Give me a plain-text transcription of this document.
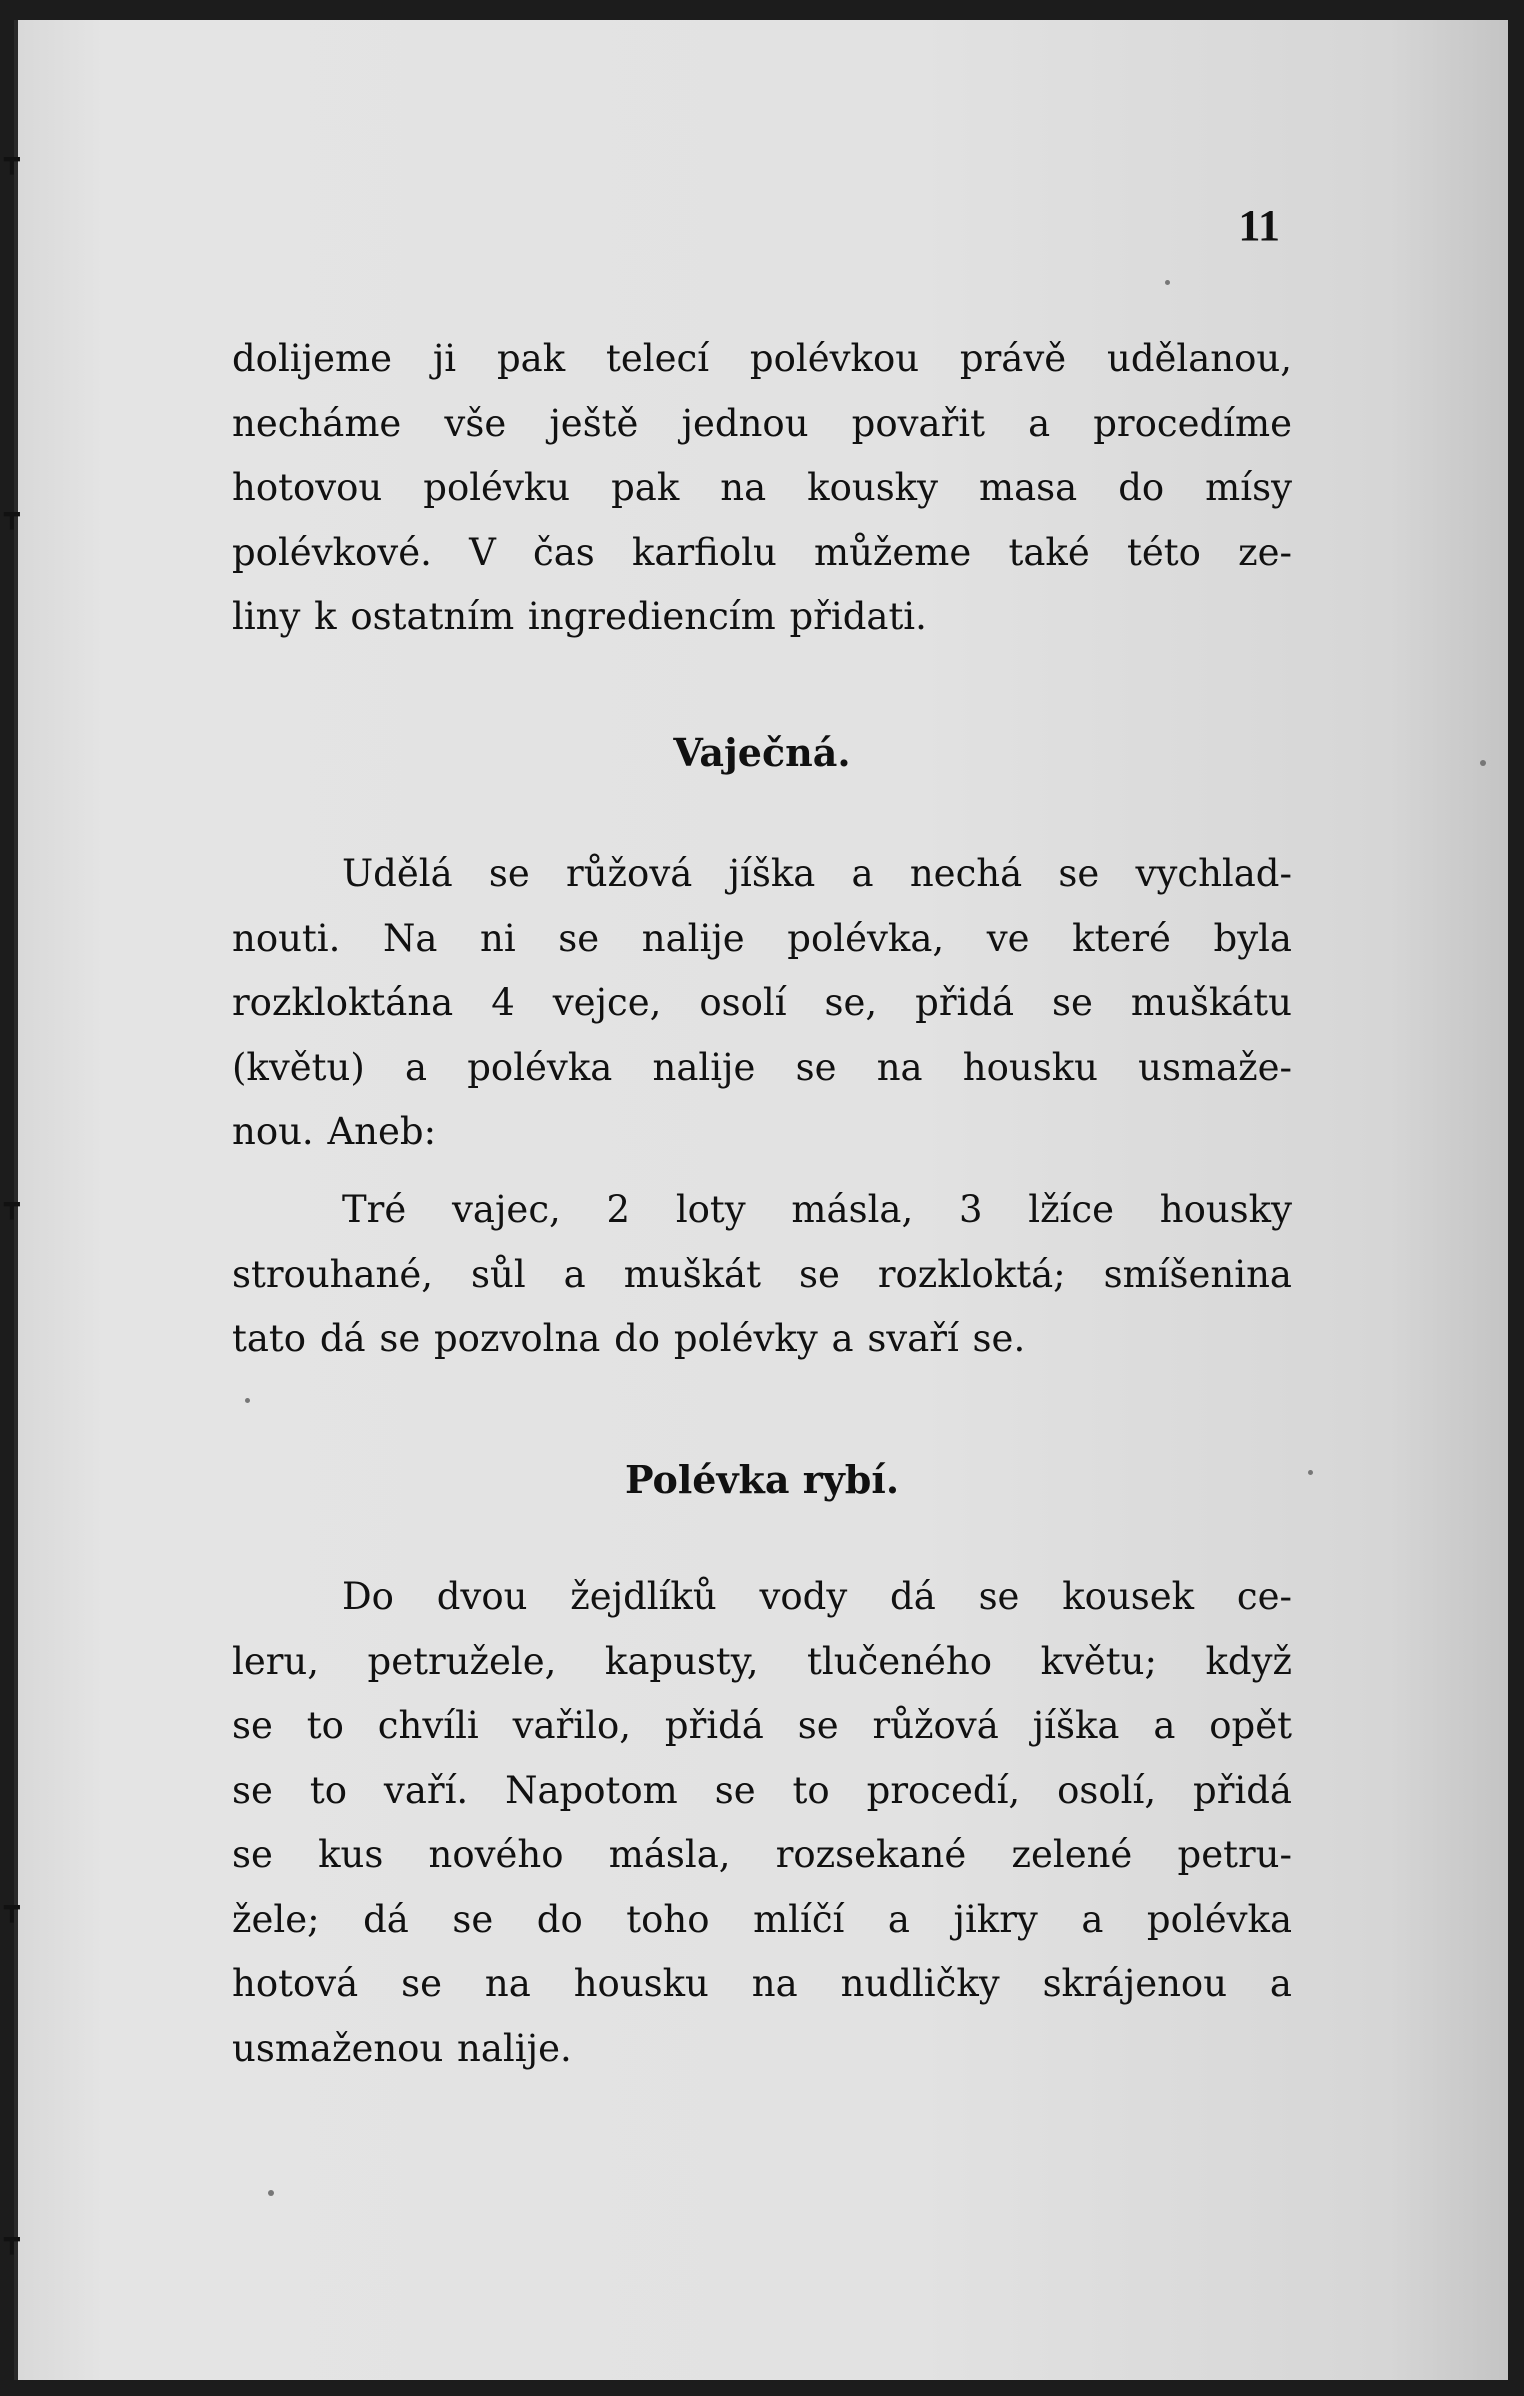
┳
┳
┳
┳
┳
11

dolijeme ji pak telecí polévkou právě udělanou,
necháme vše ještě jednou povařit a procedíme
hotovou polévku pak na kousky masa do mísy
polévkové. V čas karfiolu můžeme také této ze-
liny k ostatním ingrediencím přidati.

Vaječná.

Udělá se růžová jíška a nechá se vychlad-
nouti. Na ni se nalije polévka, ve které byla
rozkloktána 4 vejce, osolí se, přidá se muškátu
(květu) a polévka nalije se na housku usmaže-
nou. Aneb:

Tré vajec, 2 loty másla, 3 lžíce housky
strouhané, sůl a muškát se rozkloktá; smíšenina
tato dá se pozvolna do polévky a svaří se.

Polévka rybí.

Do dvou žejdlíků vody dá se kousek ce-
leru, petružele, kapusty, tlučeného květu; když
se to chvíli vařilo, přidá se růžová jíška a opět
se to vaří. Napotom se to procedí, osolí, přidá
se kus nového másla, rozsekané zelené petru-
žele; dá se do toho mlíčí a jikry a polévka
hotová se na housku na nudličky skrájenou a
usmaženou nalije.
